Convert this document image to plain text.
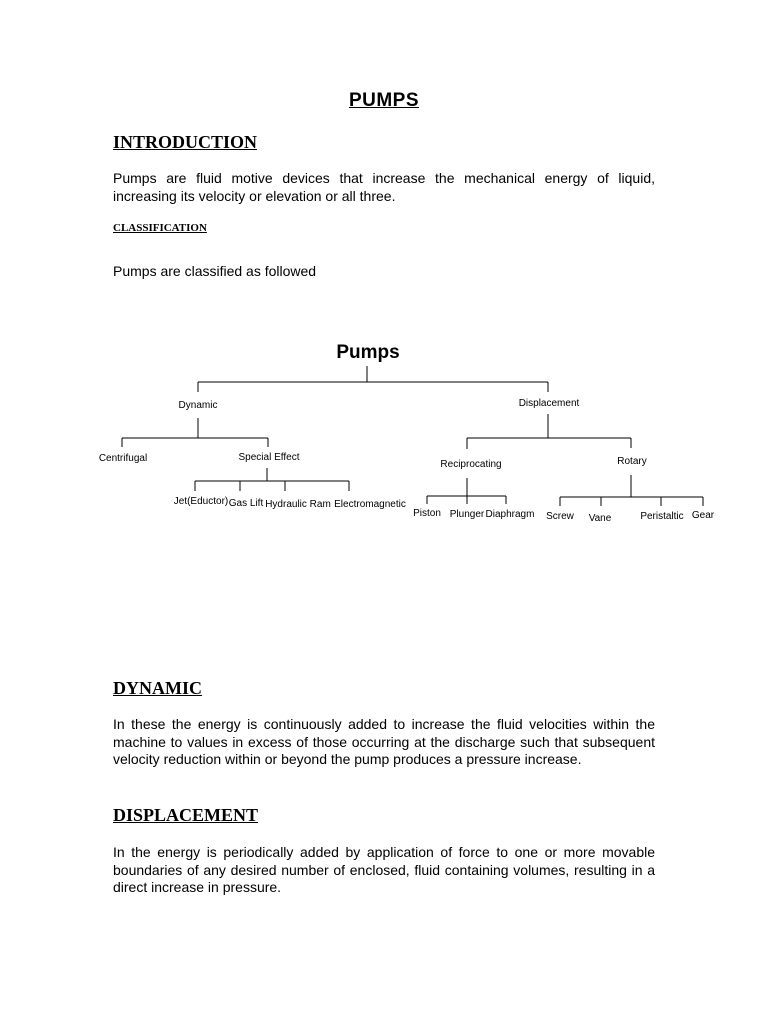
PUMPS
INTRODUCTION
Pumps are fluid motive devices that increase the mechanical energy of liquid, increasing its velocity or elevation or all three.
CLASSIFICATION
Pumps are classified as followed
Pumps
Dynamic	Displacement
Centrifugal	Special Effect
Jet(Eductor) Gas Lift Hydraulic Ram Electromagnetic
Reciprocating	Rotary
Piston Plunger Diaphragm Screw Vane	Peristaltic Gear
DYNAMIC
In these the energy is continuously added to increase the fluid velocities within the machine to values in excess of those occurring at the discharge such that subsequent velocity reduction within or beyond the pump produces a pressure increase.
DISPLACEMENT
In the energy is periodically added by application of force to one or more movable boundaries of any desired number of enclosed, fluid containing volumes, resulting in a direct increase in pressure.
